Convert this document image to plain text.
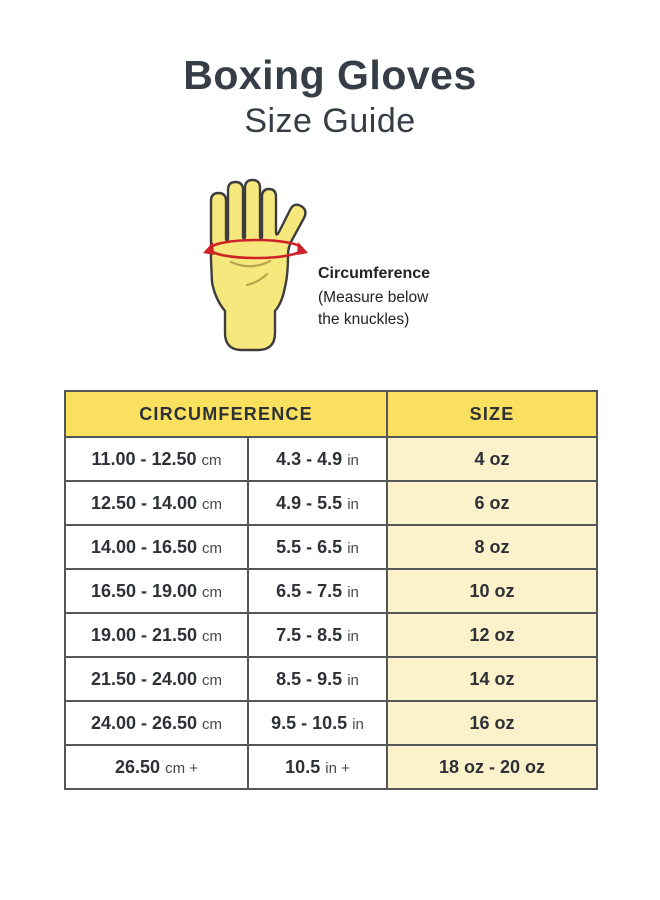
Boxing Gloves
Size Guide
Circumference
(Measure below
the knuckles)
CIRCUMFERENCE		SIZE
11.00 - 12.50 cm	4.3 - 4.9 in	4 oz
12.50 - 14.00 cm	4.9 - 5.5 in	6 oz
14.00 - 16.50 cm	5.5 - 6.5 in	8 oz
16.50 - 19.00 cm	6.5 - 7.5 in	10 oz
19.00 - 21.50 cm	7.5 - 8.5 in	12 oz
21.50 - 24.00 cm	8.5 - 9.5 in	14 oz
24.00 - 26.50 cm	9.5 - 10.5 in	16 oz
26.50 cm +	10.5 in +	18 oz - 20 oz
